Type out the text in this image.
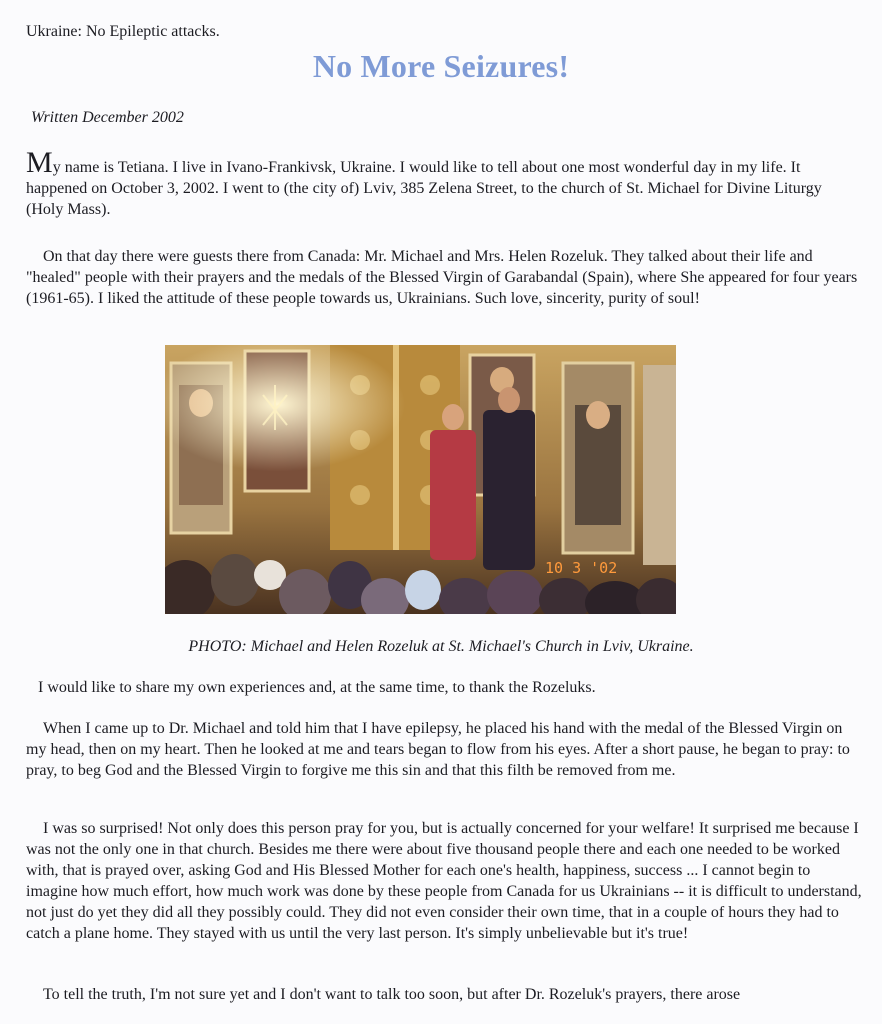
Ukraine: No Epileptic attacks.
No More Seizures!
Written December 2002

My name is Tetiana. I live in Ivano-Frankivsk, Ukraine. I would like to tell about one most wonderful day in my life. It happened on October 3, 2002. I went to (the city of) Lviv, 385 Zelena Street, to the church of St. Michael for Divine Liturgy (Holy Mass).

On that day there were guests there from Canada: Mr. Michael and Mrs. Helen Rozeluk. They talked about their life and "healed" people with their prayers and the medals of the Blessed Virgin of Garabandal (Spain), where She appeared for four years (1961-65). I liked the attitude of these people towards us, Ukrainians. Such love, sincerity, purity of soul!

10 3 '02
PHOTO: Michael and Helen Rozeluk at St. Michael's Church in Lviv, Ukraine.

I would like to share my own experiences and, at the same time, to thank the Rozeluks.

When I came up to Dr. Michael and told him that I have epilepsy, he placed his hand with the medal of the Blessed Virgin on my head, then on my heart. Then he looked at me and tears began to flow from his eyes. After a short pause, he began to pray: to pray, to beg God and the Blessed Virgin to forgive me this sin and that this filth be removed from me.

I was so surprised! Not only does this person pray for you, but is actually concerned for your welfare! It surprised me because I was not the only one in that church. Besides me there were about five thousand people there and each one needed to be worked with, that is prayed over, asking God and His Blessed Mother for each one's health, happiness, success ... I cannot begin to imagine how much effort, how much work was done by these people from Canada for us Ukrainians -- it is difficult to understand, not just do yet they did all they possibly could. They did not even consider their own time, that in a couple of hours they had to catch a plane home. They stayed with us until the very last person. It's simply unbelievable but it's true!

To tell the truth, I'm not sure yet and I don't want to talk too soon, but after Dr. Rozeluk's prayers, there arose
